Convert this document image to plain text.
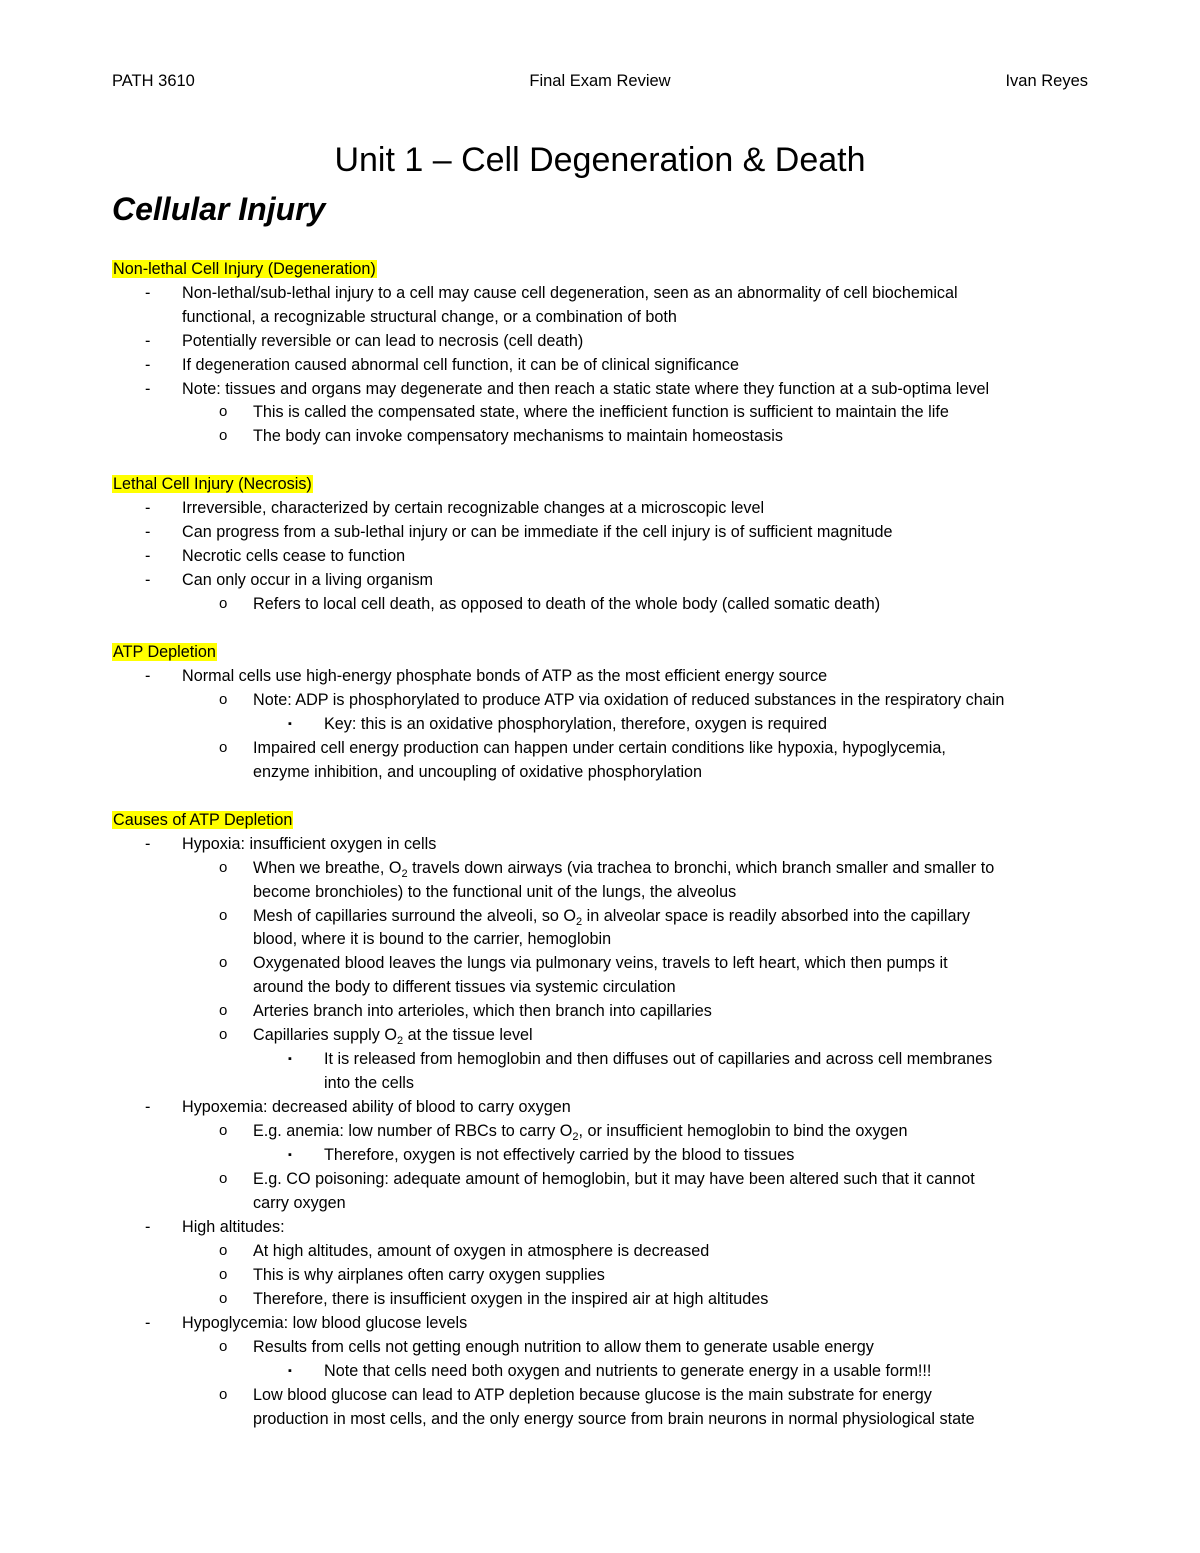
PATH 3610	Final Exam Review	Ivan Reyes
Unit 1 – Cell Degeneration & Death
Cellular Injury
Non-lethal Cell Injury (Degeneration)
- Non-lethal/sub-lethal injury to a cell may cause cell degeneration, seen as an abnormality of cell biochemical
functional, a recognizable structural change, or a combination of both
- Potentially reversible or can lead to necrosis (cell death)
- If degeneration caused abnormal cell function, it can be of clinical significance
- Note: tissues and organs may degenerate and then reach a static state where they function at a sub-optima level
o This is called the compensated state, where the inefficient function is sufficient to maintain the life
o The body can invoke compensatory mechanisms to maintain homeostasis
Lethal Cell Injury (Necrosis)
- Irreversible, characterized by certain recognizable changes at a microscopic level
- Can progress from a sub-lethal injury or can be immediate if the cell injury is of sufficient magnitude
- Necrotic cells cease to function
- Can only occur in a living organism
o Refers to local cell death, as opposed to death of the whole body (called somatic death)
ATP Depletion
- Normal cells use high-energy phosphate bonds of ATP as the most efficient energy source
o Note: ADP is phosphorylated to produce ATP via oxidation of reduced substances in the respiratory chain
▪ Key: this is an oxidative phosphorylation, therefore, oxygen is required
o Impaired cell energy production can happen under certain conditions like hypoxia, hypoglycemia,
enzyme inhibition, and uncoupling of oxidative phosphorylation
Causes of ATP Depletion
- Hypoxia: insufficient oxygen in cells
o When we breathe, $O_2$ travels down airways (via trachea to bronchi, which branch smaller and smaller to
become bronchioles) to the functional unit of the lungs, the alveolus
o Mesh of capillaries surround the alveoli, so $O_2$ in alveolar space is readily absorbed into the capillary
blood, where it is bound to the carrier, hemoglobin
o Oxygenated blood leaves the lungs via pulmonary veins, travels to left heart, which then pumps it
around the body to different tissues via systemic circulation
o Arteries branch into arterioles, which then branch into capillaries
o Capillaries supply $O_2$ at the tissue level
▪ It is released from hemoglobin and then diffuses out of capillaries and across cell membranes
into the cells
- Hypoxemia: decreased ability of blood to carry oxygen
o E.g. anemia: low number of RBCs to carry $O_2$, or insufficient hemoglobin to bind the oxygen
▪ Therefore, oxygen is not effectively carried by the blood to tissues
o E.g. CO poisoning: adequate amount of hemoglobin, but it may have been altered such that it cannot
carry oxygen
- High altitudes:
o At high altitudes, amount of oxygen in atmosphere is decreased
o This is why airplanes often carry oxygen supplies
o Therefore, there is insufficient oxygen in the inspired air at high altitudes
- Hypoglycemia: low blood glucose levels
o Results from cells not getting enough nutrition to allow them to generate usable energy
▪ Note that cells need both oxygen and nutrients to generate energy in a usable form!!!
o Low blood glucose can lead to ATP depletion because glucose is the main substrate for energy
production in most cells, and the only energy source from brain neurons in normal physiological state
